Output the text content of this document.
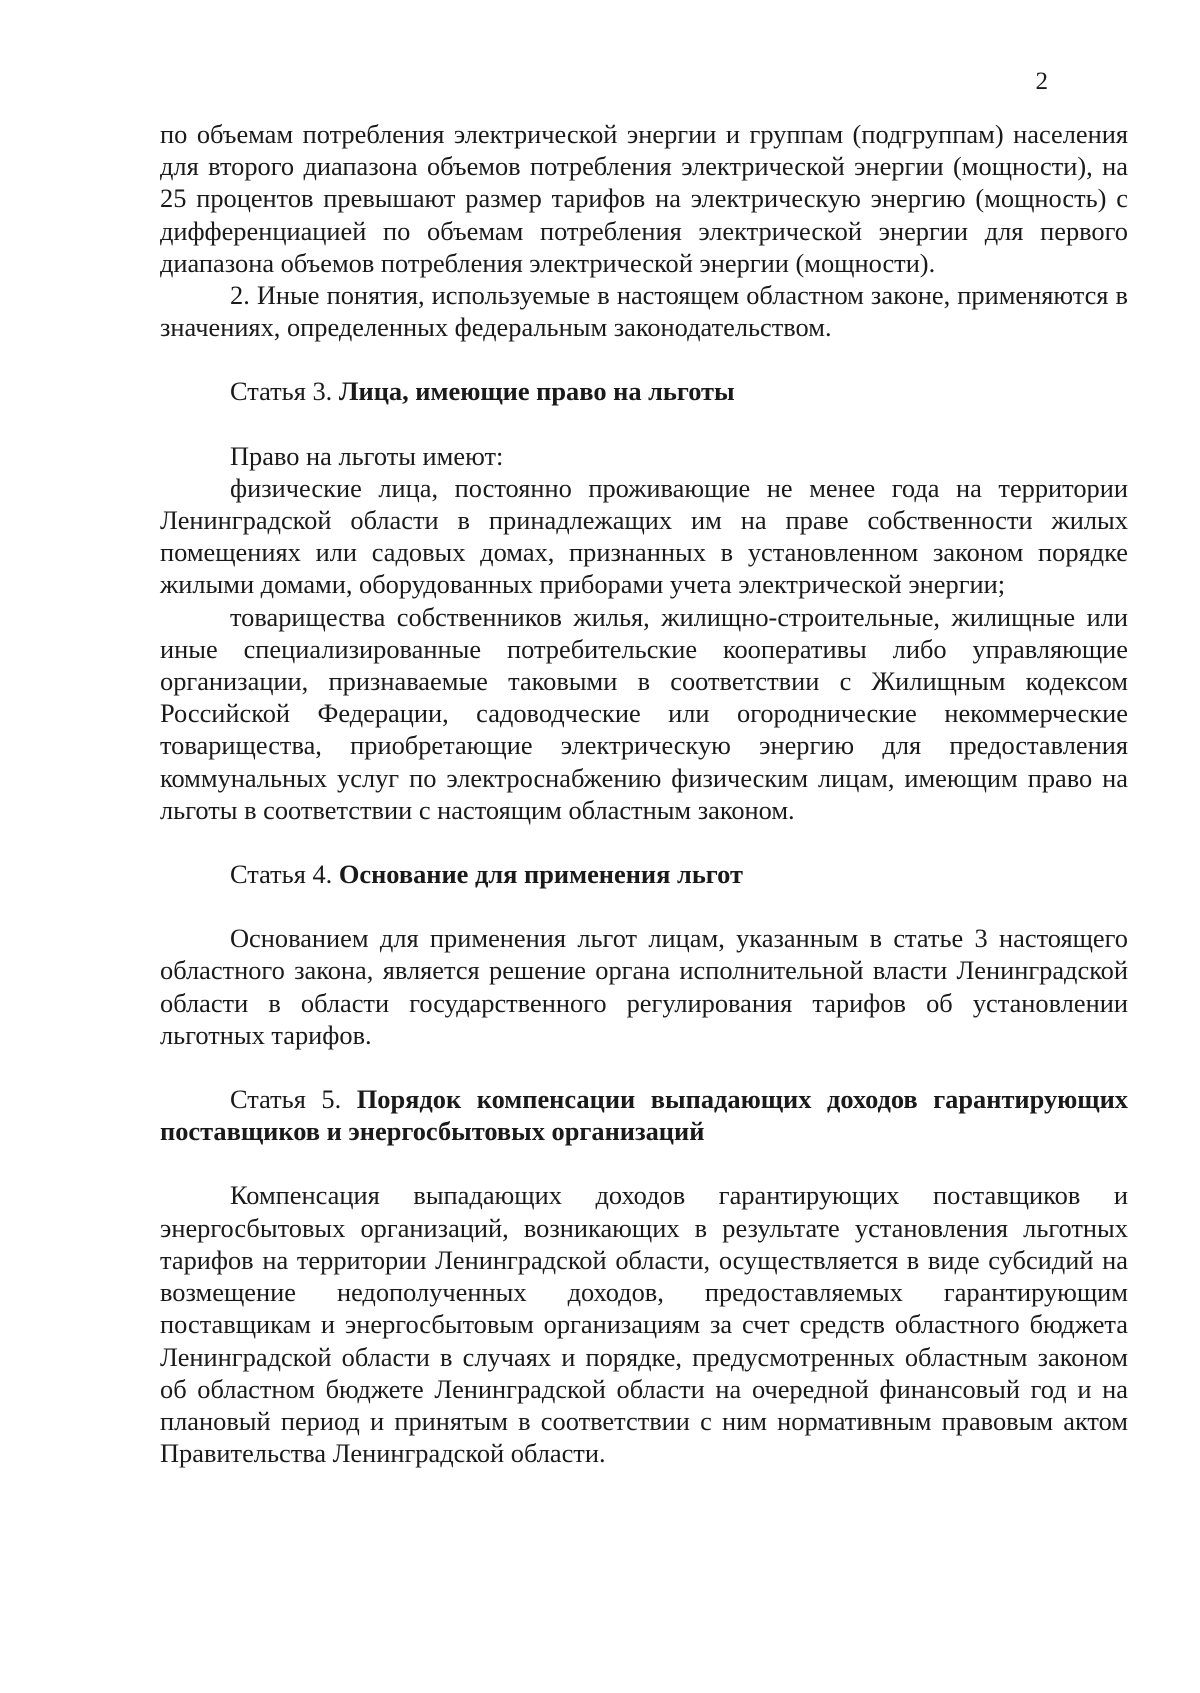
2

по объемам потребления электрической энергии и группам (подгруппам) населения для второго диапазона объемов потребления электрической энергии (мощности), на 25 процентов превышают размер тарифов на электрическую энергию (мощность) с дифференциацией по объемам потребления электрической энергии для первого диапазона объемов потребления электрической энергии (мощности).

2. Иные понятия, используемые в настоящем областном законе, применяются в значениях, определенных федеральным законодательством.

Статья 3. Лица, имеющие право на льготы

Право на льготы имеют:

физические лица, постоянно проживающие не менее года на территории Ленинградской области в принадлежащих им на праве собственности жилых помещениях или садовых домах, признанных в установленном законом порядке жилыми домами, оборудованных приборами учета электрической энергии;

товарищества собственников жилья, жилищно-строительные, жилищные или иные специализированные потребительские кооперативы либо управляющие организации, признаваемые таковыми в соответствии с Жилищным кодексом Российской Федерации, садоводческие или огороднические некоммерческие товарищества, приобретающие электрическую энергию для предоставления коммунальных услуг по электроснабжению физическим лицам, имеющим право на льготы в соответствии с настоящим областным законом.

Статья 4. Основание для применения льгот

Основанием для применения льгот лицам, указанным в статье 3 настоящего областного закона, является решение органа исполнительной власти Ленинградской области в области государственного регулирования тарифов об установлении льготных тарифов.

Статья 5. Порядок компенсации выпадающих доходов гарантирующих поставщиков и энергосбытовых организаций

Компенсация выпадающих доходов гарантирующих поставщиков и энергосбытовых организаций, возникающих в результате установления льготных тарифов на территории Ленинградской области, осуществляется в виде субсидий на возмещение недополученных доходов, предоставляемых гарантирующим поставщикам и энергосбытовым организациям за счет средств областного бюджета Ленинградской области в случаях и порядке, предусмотренных областным законом об областном бюджете Ленинградской области на очередной финансовый год и на плановый период и принятым в соответствии с ним нормативным правовым актом Правительства Ленинградской области.
